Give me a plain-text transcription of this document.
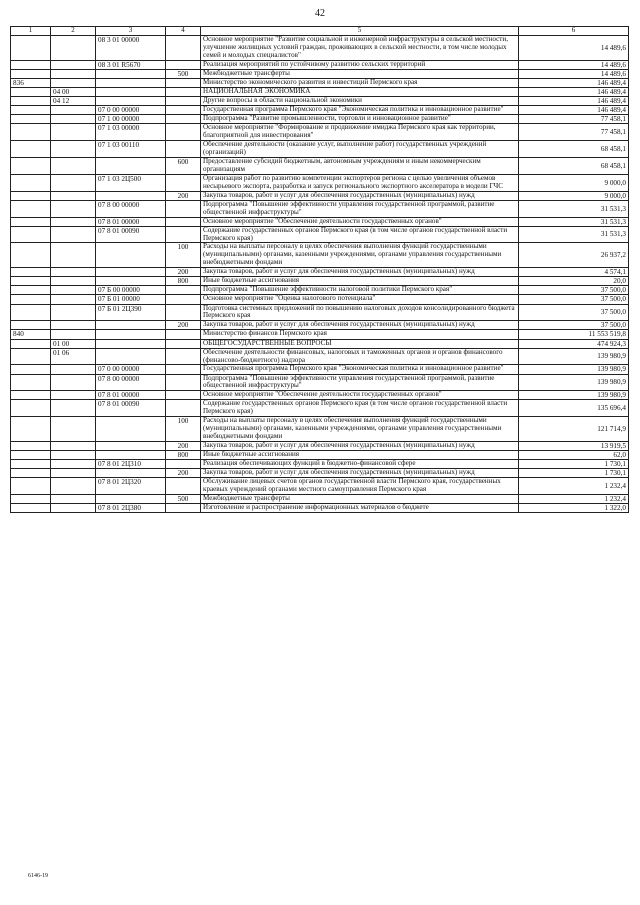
42
1	2	3	4	5	6
		08 3 01 00000		Основное мероприятие "Развитие социальной и инженерной инфраструктуры в сельской местности, улучшение жилищных условий граждан, проживающих в сельской местности, в том числе молодых семей и молодых специалистов"	14 489,6
		08 3 01 R5670		Реализация мероприятий по устойчивому развитию сельских территорий	14 489,6
			500	Межбюджетные трансферты	14 489,6
836				Министерство экономического развития и инвестиций Пермского края	146 489,4
	04 00			НАЦИОНАЛЬНАЯ ЭКОНОМИКА	146 489,4
	04 12			Другие вопросы в области национальной экономики	146 489,4
		07 0 00 00000		Государственная программа Пермского края "Экономическая политика и инновационное развитие"	146 489,4
		07 1 00 00000		Подпрограмма "Развитие промышленности, торговли и инновационное развитие"	77 458,1
		07 1 03 00000		Основное мероприятие "Формирование и продвижение имиджа Пермского края как территории, благоприятной для инвестирования"	77 458,1
		07 1 03 00110		Обеспечение деятельности (оказание услуг, выполнение работ) государственных учреждений (организаций)	68 458,1
			600	Предоставление субсидий бюджетным, автономным учреждениям и иным некоммерческим организациям	68 458,1
		07 1 03 2Ц500		Организация работ по развитию компетенции экспортеров региона с целью увеличения объемов несырьевого экспорта, разработка и запуск регионального экспортного акселератора в модели ГЧС	9 000,0
			200	Закупка товаров, работ и услуг для обеспечения государственных (муниципальных) нужд	9 000,0
		07 8 00 00000		Подпрограмма "Повышение эффективности управления государственной программой, развитие общественной инфраструктуры"	31 531,3
		07 8 01 00000		Основное мероприятие "Обеспечение деятельности государственных органов"	31 531,3
		07 8 01 00090		Содержание государственных органов Пермского края (в том числе органов государственной власти Пермского края)	31 531,3
			100	Расходы на выплаты персоналу в целях обеспечения выполнения функций государственными (муниципальными) органами, казенными учреждениями, органами управления государственными внебюджетными фондами	26 937,2
			200	Закупка товаров, работ и услуг для обеспечения государственных (муниципальных) нужд	4 574,1
			800	Иные бюджетные ассигнования	20,0
		07 Б 00 00000		Подпрограмма "Повышение эффективности налоговой политики Пермского края"	37 500,0
		07 Б 01 00000		Основное мероприятие "Оценка налогового потенциала"	37 500,0
		07 Б 01 2Ц390		Подготовка системных предложений по повышению налоговых доходов консолидированного бюджета Пермского края	37 500,0
			200	Закупка товаров, работ и услуг для обеспечения государственных (муниципальных) нужд	37 500,0
840				Министерство финансов Пермского края	11 553 519,8
	01 00			ОБЩЕГОСУДАРСТВЕННЫЕ ВОПРОСЫ	474 924,3
	01 06			Обеспечение деятельности финансовых, налоговых и таможенных органов и органов финансового (финансово-бюджетного) надзора	139 980,9
		07 0 00 00000		Государственная программа Пермского края "Экономическая политика и инновационное развитие"	139 980,9
		07 8 00 00000		Подпрограмма "Повышение эффективности управления государственной программой, развитие общественной инфраструктуры"	139 980,9
		07 8 01 00000		Основное мероприятие "Обеспечение деятельности государственных органов"	139 980,9
		07 8 01 00090		Содержание государственных органов Пермского края (в том числе органов государственной власти Пермского края)	135 696,4
			100	Расходы на выплаты персоналу в целях обеспечения выполнения функций государственными (муниципальными) органами, казенными учреждениями, органами управления государственными внебюджетными фондами	121 714,9
			200	Закупка товаров, работ и услуг для обеспечения государственных (муниципальных) нужд	13 919,5
			800	Иные бюджетные ассигнования	62,0
		07 8 01 2Ц310		Реализация обеспечивающих функций в бюджетно-финансовой сфере	1 730,1
			200	Закупка товаров, работ и услуг для обеспечения государственных (муниципальных) нужд	1 730,1
		07 8 01 2Ц320		Обслуживание лицевых счетов органов государственной власти Пермского края, государственных краевых учреждений органами местного самоуправления Пермского края	1 232,4
			500	Межбюджетные трансферты	1 232,4
		07 8 01 2Ц380		Изготовление и распространение информационных материалов о бюджете	1 322,0
6146-19
